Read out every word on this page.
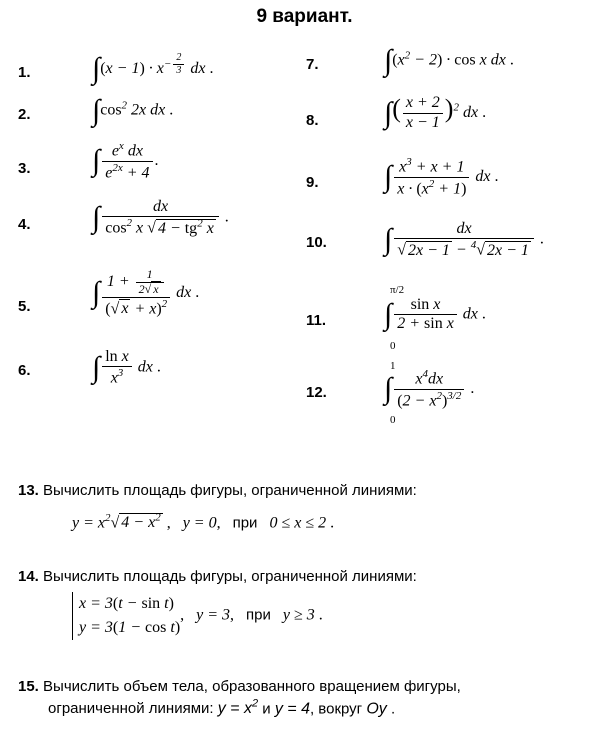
9 вариант.
1.
2.
3.
4.
5.
6.
7.
8.
9.
10.
11.
12.
$\int(x - 1) \cdot x^{- \frac{2}{3}}$ dx .
$\int\cos^2$ 2x dx .
∫ $\frac{e^x dx}{e^{2x} + 4}$ .
∫ $\frac{dx}{\cos^2 x √ 4 - tg^2 x}$ .
∫ $\frac{1 + \frac{1}{2√ x}}{(√ x + x)^2}$ dx .
∫ $\frac{\text{ln x}}{x^3}$ dx .
$\int(x^2 - 2) \cdot \cos x$ dx .
∫( $\frac{x + 2}{x - 1} )^2$ dx .
∫ $\frac{x^3 + x + 1}{x \cdot (x^2 + 1)}$ dx .
∫ $\frac{dx}{√ 2x - 1 - ^4√ 2x - 1}$ .
π/2
0
∫ $\frac{\text{sin x}}{\text{2 + sin x}}$ dx .
1
0
∫ $\frac{x^4dx}{(2 - x^2)^{3/2}}$ .
13. Вычислить площадь фигуры, ограниченной линиями:
$y = x^2√$ $4 - x^2$ ,   y = 0, при   0 ≤ x ≤ 2 .
14. Вычислить площадь фигуры, ограниченной линиями:
x = 3(t − sin t)
y = 3(1 − cos t),   y = 3, при   y ≥ 3 .
15. Вычислить объем тела, образованного вращением фигуры,
ограниченной линиями: $y = x^2$ и y = 4, вокруг Oy .
